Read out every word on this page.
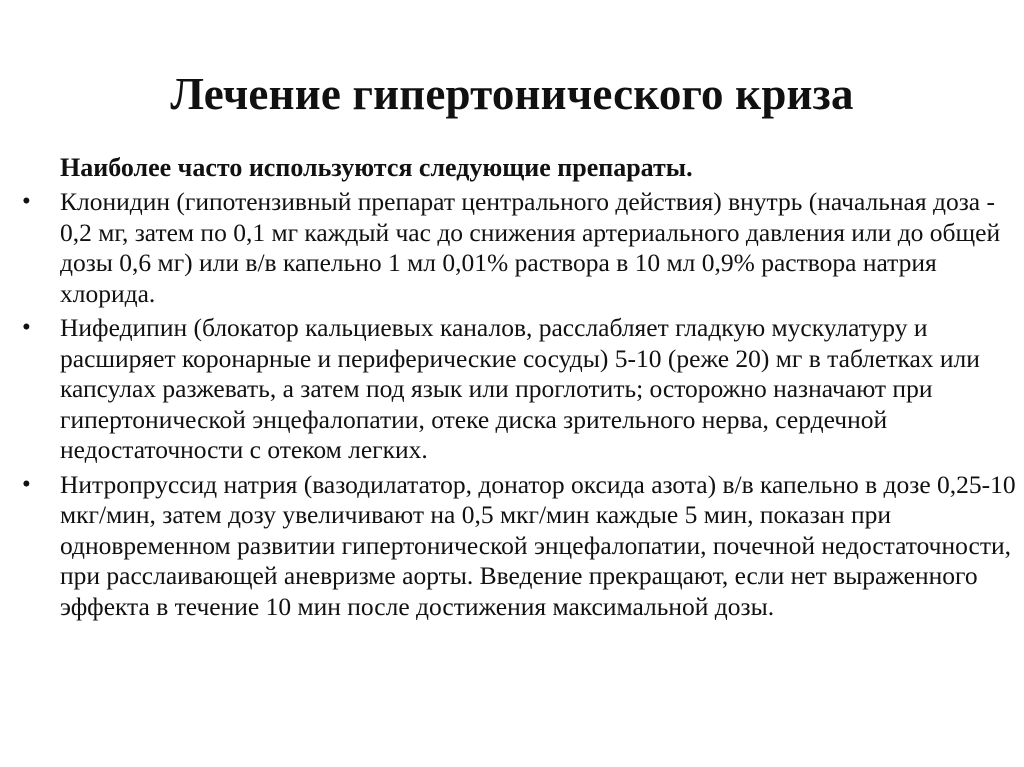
Лечение гипертонического криза

Наиболее часто используются следующие препараты.

• Клонидин (гипотензивный препарат центрального действия) внутрь (начальная доза - 0,2 мг, затем по 0,1 мг каждый час до снижения артериального давления или до общей дозы 0,6 мг) или в/в капельно 1 мл 0,01% раствора в 10 мл 0,9% раствора натрия хлорида.
• Нифедипин (блокатор кальциевых каналов, расслабляет гладкую мускулатуру и расширяет коронарные и периферические сосуды) 5-10 (реже 20) мг в таблетках или капсулах разжевать, а затем под язык или проглотить; осторожно назначают при гипертонической энцефалопатии, отеке диска зрительного нерва, сердечной недостаточности с отеком легких.
• Нитропруссид натрия (вазодилататор, донатор оксида азота) в/в капельно в дозе 0,25-10 мкг/мин, затем дозу увеличивают на 0,5 мкг/мин каждые 5 мин, показан при одновременном развитии гипертонической энцефалопатии, почечной недостаточности, при расслаивающей аневризме аорты. Введение прекращают, если нет выраженного эффекта в течение 10 мин после достижения максимальной дозы.
